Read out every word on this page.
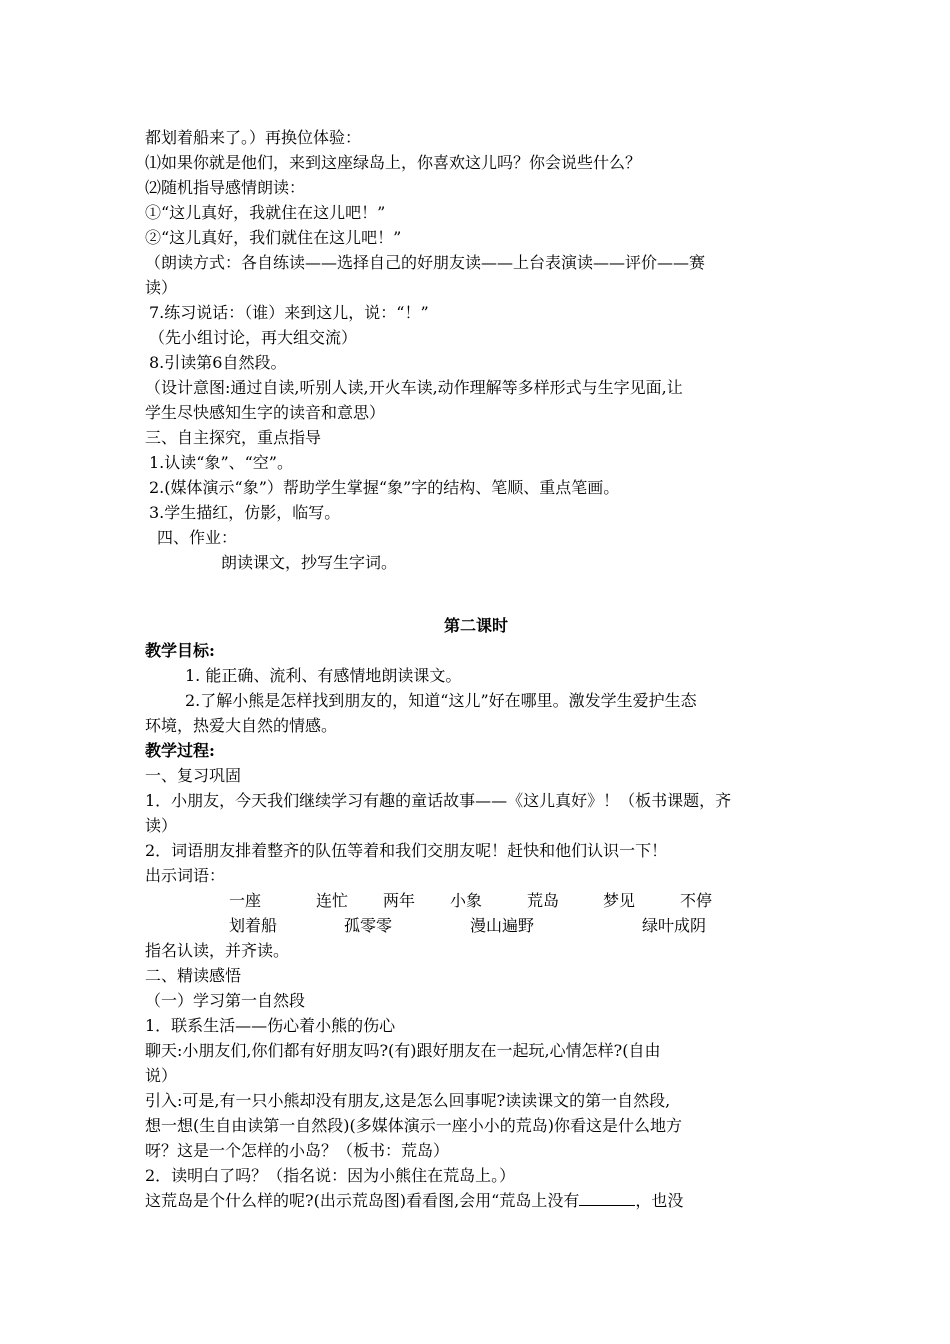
都划着船来了。）再换位体验：
⑴如果你就是他们，来到这座绿岛上，你喜欢这儿吗？你会说些什么？
⑵随机指导感情朗读：
①“这儿真好，我就住在这儿吧！”
②“这儿真好，我们就住在这儿吧！”
（朗读方式：各自练读——选择自己的好朋友读——上台表演读——评价——赛
读）
7.练习说话：（谁）来到这儿，说：“！”
（先小组讨论，再大组交流）
8.引读第6自然段。
（设计意图:通过自读,听别人读,开火车读,动作理解等多样形式与生字见面,让
学生尽快感知生字的读音和意思）
三、自主探究，重点指导
1.认读“象”、“空”。
2.(媒体演示“象”）帮助学生掌握“象”字的结构、笔顺、重点笔画。
3.学生描红，仿影，临写。
四、作业：
朗读课文，抄写生字词。
第二课时
教学目标:
1. 能正确、流利、有感情地朗读课文。
2.了解小熊是怎样找到朋友的，知道“这儿”好在哪里。激发学生爱护生态
环境，热爱大自然的情感。
教学过程:
一、复习巩固
1．小朋友，今天我们继续学习有趣的童话故事——《这儿真好》！（板书课题，齐
读）
2．词语朋友排着整齐的队伍等着和我们交朋友呢！赶快和他们认识一下！
出示词语：
一座	连忙 两年 小象	荒岛	梦见	不停
划着船	孤零零	漫山遍野	绿叶成阴
指名认读，并齐读。
二、精读感悟
（一）学习第一自然段
1．联系生活——伤心着小熊的伤心
聊天:小朋友们,你们都有好朋友吗?(有)跟好朋友在一起玩,心情怎样?(自由
说）
引入:可是,有一只小熊却没有朋友,这是怎么回事呢?读读课文的第一自然段,
想一想(生自由读第一自然段)(多媒体演示一座小小的荒岛)你看这是什么地方
呀？这是一个怎样的小岛？（板书：荒岛）
2．读明白了吗？（指名说：因为小熊住在荒岛上。）
这荒岛是个什么样的呢?(出示荒岛图)看看图,会用“荒岛上没有	，也没
